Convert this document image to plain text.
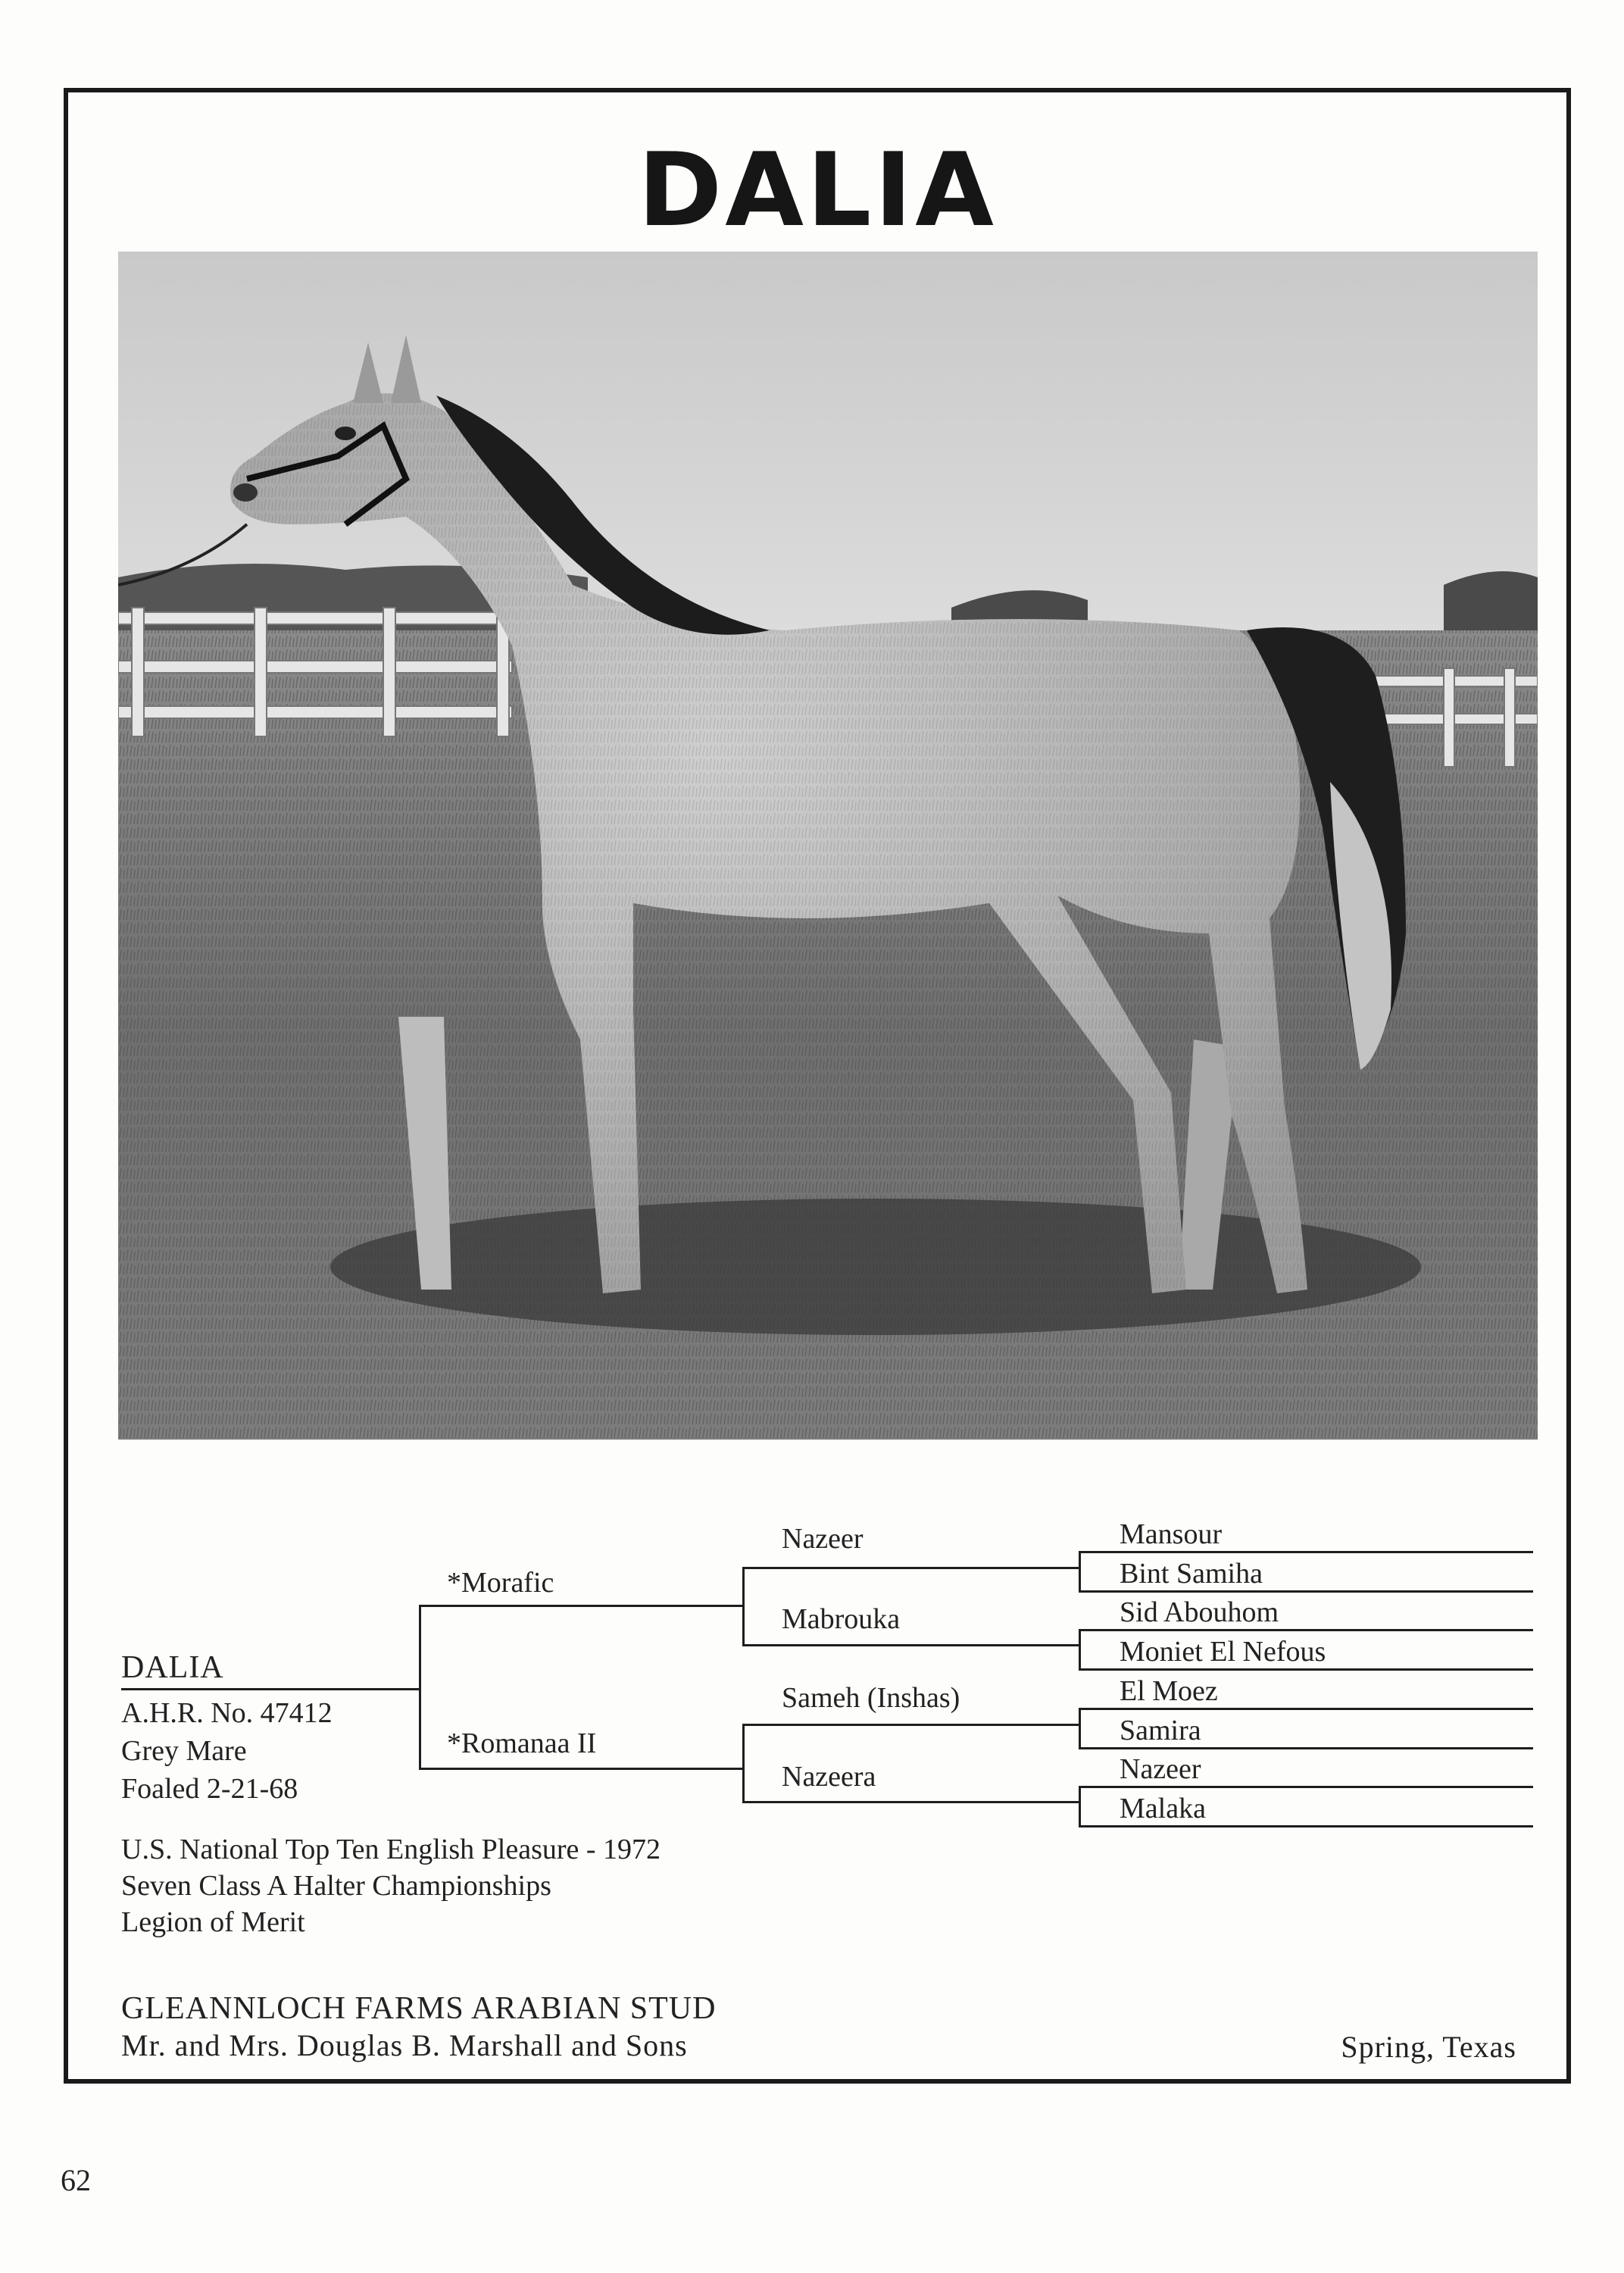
DALIA
DALIA
A.H.R. No. 47412
Grey Mare
Foaled 2-21-68
U.S. National Top Ten English Pleasure - 1972
Seven Class A Halter Championships
Legion of Merit
*Morafic
*Romanaa II
Nazeer
Mabrouka
Sameh (Inshas)
Nazeera
Mansour
Bint Samiha
Sid Abouhom
Moniet El Nefous
El Moez
Samira
Nazeer
Malaka
GLEANNLOCH FARMS ARABIAN STUD
Mr. and Mrs. Douglas B. Marshall and Sons	Spring, Texas
62
